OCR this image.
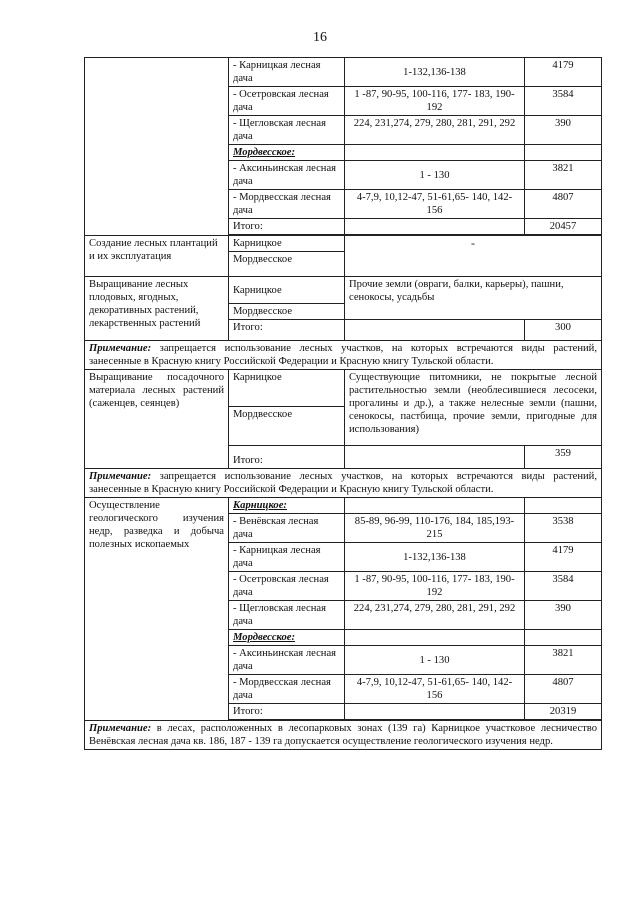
16
	- Карницкая лесная дача	1-132,136-138	4179
	- Осетровская лесная дача	1 -87, 90-95, 100-116, 177- 183, 190- 192	3584
	- Щегловская лесная дача	224, 231,274, 279, 280, 281, 291, 292	390
	Мордвесское:		
	- Аксиньинская лесная дача	1 - 130	3821
	- Мордвесская лесная дача	4-7,9, 10,12-47, 51-61,65- 140, 142-156	4807
	Итого:		20457

Создание лесных плантаций и их эксплуатация	Карницкое	-	
	Мордвесское		
Выращивание лесных плодовых, ягодных, декоративных растений, лекарственных растений	Карницкое	Прочие земли (овраги, балки, карьеры), пашни, сенокосы, усадьбы	
	Мордвесское		
	Итого:		300
Примечание: запрещается использование лесных участков, на которых встречаются виды растений, занесенные в Красную книгу Российской Федерации и Красную книгу Тульской области.			
Выращивание посадочного материала лесных растений (саженцев, сеянцев)	Карницкое	Существующие питомники, не покрытые лесной растительностью земли (необлесившиеся лесосеки, прогалины и др.), а также нелесные земли (пашни, сенокосы, пастбища, прочие земли, пригодные для использования)	
	Мордвесское		
	Итого:		359
Примечание: запрещается использование лесных участков, на которых встречаются виды растений, занесенные в Красную книгу Российской Федерации и Красную книгу Тульской области.			
Осуществление геологического изучения недр, разведка и добыча полезных ископаемых	Карницкое:		
	- Венёвская лесная дача	85-89, 96-99, 110-176, 184, 185,193-215	3538
	- Карницкая лесная дача	1-132,136-138	4179
	- Осетровская лесная дача	1 -87, 90-95, 100-116, 177- 183, 190- 192	3584
	- Щегловская лесная дача	224, 231,274, 279, 280, 281, 291, 292	390
	Мордвесское:		
	- Аксиньинская лесная дача	1 - 130	3821
	- Мордвесская лесная дача	4-7,9, 10,12-47, 51-61,65- 140, 142-156	4807
	Итого:		20319

Примечание: в лесах, расположенных в лесопарковых зонах (139 га) Карницкое участковое лесничество Венёвская лесная дача кв. 186, 187 - 139 га допускается осуществление геологического изучения недр.			
